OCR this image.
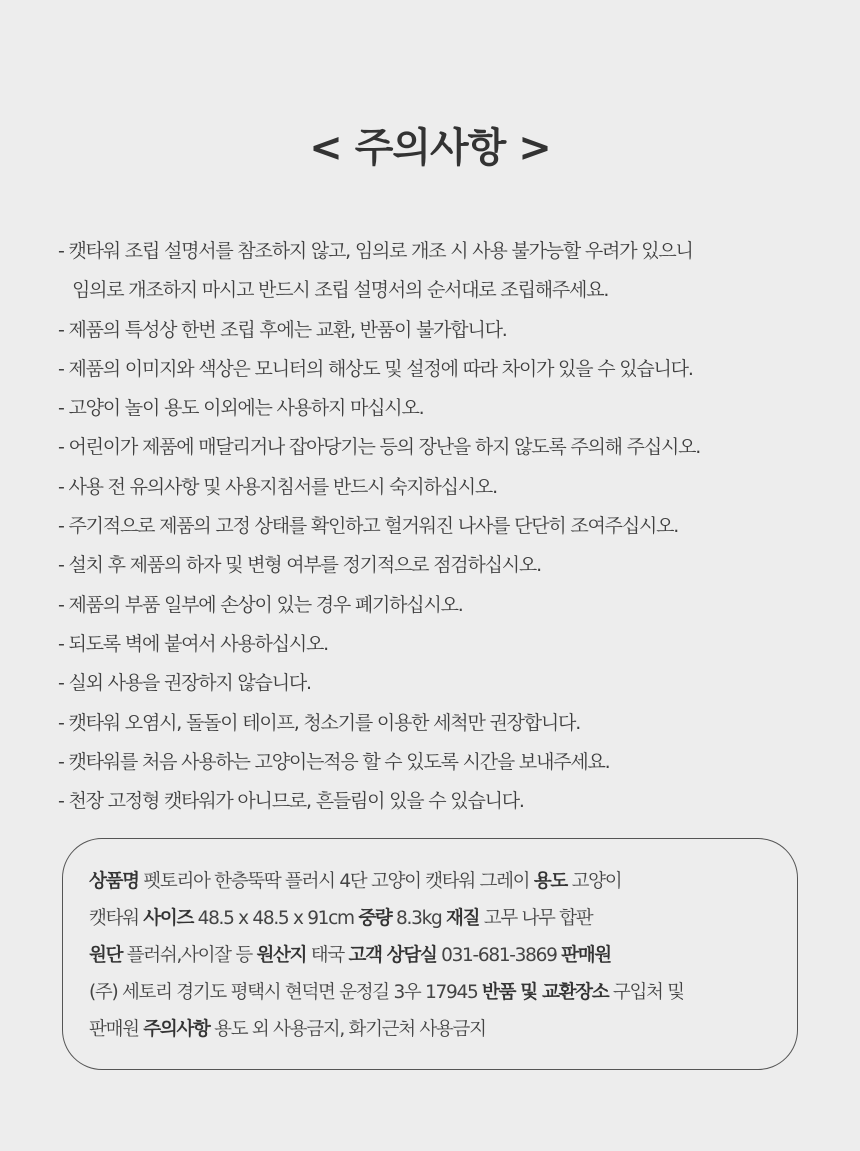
< 주의사항 >
- 캣타워 조립 설명서를 참조하지 않고, 임의로 개조 시 사용 불가능할 우려가 있으니
임의로 개조하지 마시고 반드시 조립 설명서의 순서대로 조립해주세요.
- 제품의 특성상 한번 조립 후에는 교환, 반품이 불가합니다.
- 제품의 이미지와 색상은 모니터의 해상도 및 설정에 따라 차이가 있을 수 있습니다.
- 고양이 놀이 용도 이외에는 사용하지 마십시오.
- 어린이가 제품에 매달리거나 잡아당기는 등의 장난을 하지 않도록 주의해 주십시오.
- 사용 전 유의사항 및 사용지침서를 반드시 숙지하십시오.
- 주기적으로 제품의 고정 상태를 확인하고 헐거워진 나사를 단단히 조여주십시오.
- 설치 후 제품의 하자 및 변형 여부를 정기적으로 점검하십시오.
- 제품의 부품 일부에 손상이 있는 경우 폐기하십시오.
- 되도록 벽에 붙여서 사용하십시오.
- 실외 사용을 권장하지 않습니다.
- 캣타워 오염시, 돌돌이 테이프, 청소기를 이용한 세척만 권장합니다.
- 캣타워를 처음 사용하는 고양이는적응 할 수 있도록 시간을 보내주세요.
- 천장 고정형 캣타워가 아니므로, 흔들림이 있을 수 있습니다.
상품명 펫토리아 한층뚝딱 플러시 4단 고양이 캣타워 그레이 용도 고양이
캣타워 사이즈 48.5 x 48.5 x 91cm 중량 8.3kg 재질 고무 나무 합판
원단 플러쉬,사이잘 등 원산지 태국 고객 상담실 031-681-3869 판매원
(주) 세토리 경기도 평택시 현덕면 운정길 3우 17945 반품 및 교환장소 구입처 및
판매원 주의사항 용도 외 사용금지, 화기근처 사용금지
